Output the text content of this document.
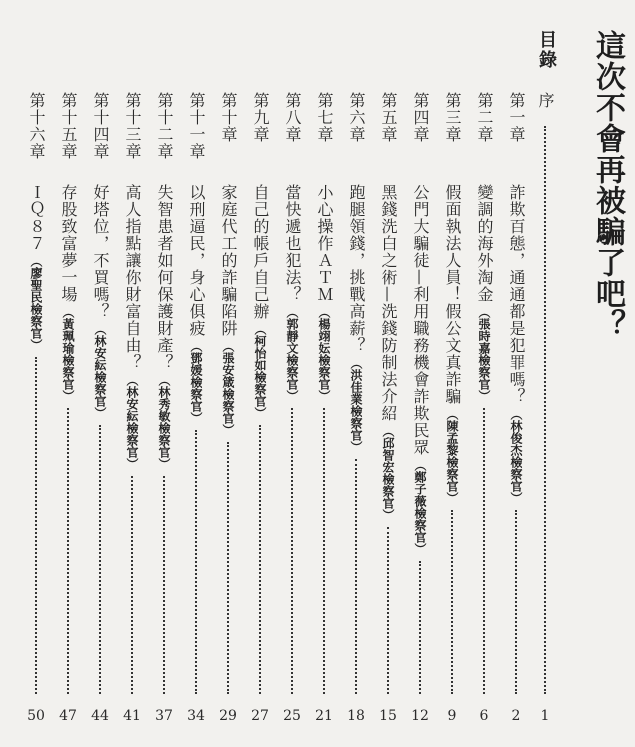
這次不會再被騙了吧？
目錄
序
1
第一章
詐欺百態，通通都是犯罪嗎？
（林俊杰檢察官）
2
第二章
變調的海外淘金
（張時嘉檢察官）
6
第三章
假面執法人員！假公文真詐騙
（陳孟黎檢察官）
9
第四章
公門大騙徒—利用職務機會詐欺民眾
（鄭子薇檢察官）
12
第五章
黑錢洗白之術—洗錢防制法介紹
（邱智宏檢察官）
15
第六章
跑腿領錢，挑戰高薪？
（洪佳業檢察官）
18
第七章
小心操作ＡＴＭ
（楊翊妘檢察官）
21
第八章
當快遞也犯法？
（郭靜文檢察官）
25
第九章
自己的帳戶自己辦
（柯怡如檢察官）
27
第十章
家庭代工的詐騙陷阱
（張安箴檢察官）
29
第十一章
以刑逼民，身心俱疲
（鄧媛檢察官）
34
第十二章
失智患者如何保護財產？
（林秀敏檢察官）
37
第十三章
高人指點讓你財富自由？
（林安紜檢察官）
41
第十四章
好塔位，不買嗎？
（林安紜檢察官）
44
第十五章
存股致富夢一場
（黃珮瑜檢察官）
47
第十六章
ＩＱ８７
（廖聖民檢察官）
50
